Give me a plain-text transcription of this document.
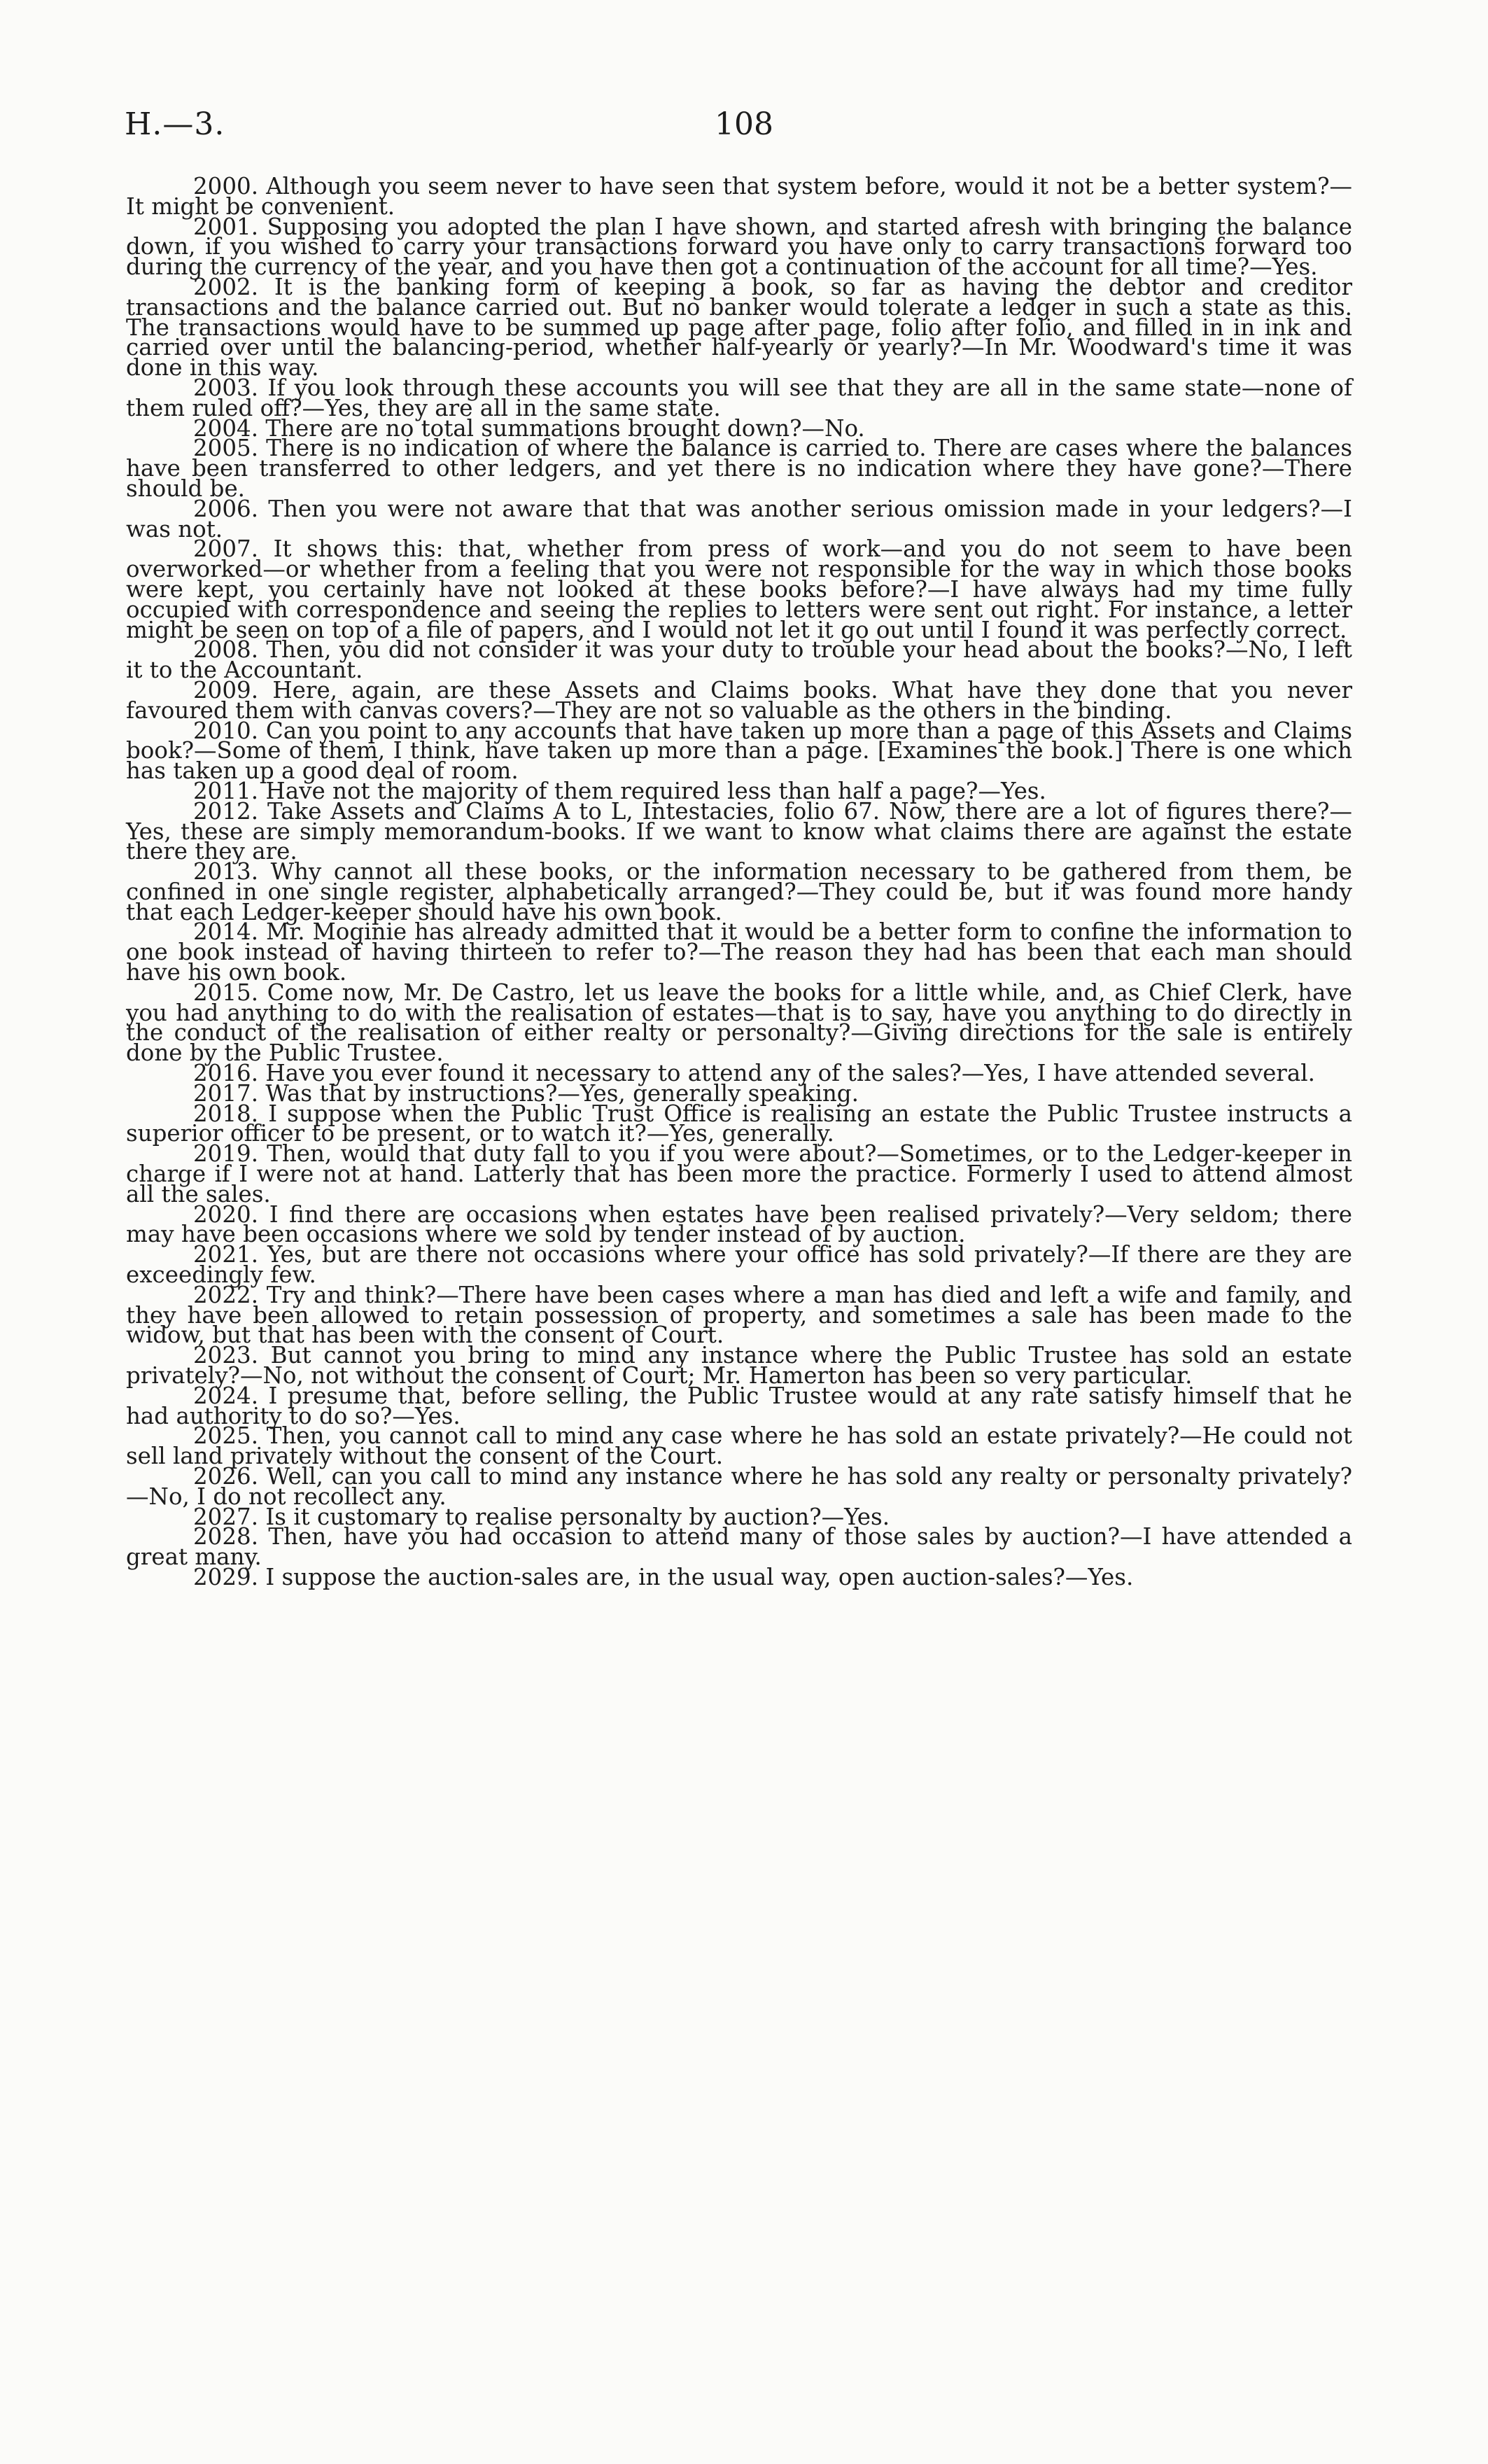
H.—3.	108

2000. Although you seem never to have seen that system before, would it not be a better system?—It might be convenient.

2001. Supposing you adopted the plan I have shown, and started afresh with bringing the balance down, if you wished to carry your transactions forward you have only to carry transactions forward too during the currency of the year, and you have then got a continuation of the account for all time?—Yes.

2002. It is the banking form of keeping a book, so far as having the debtor and creditor transactions and the balance carried out. But no banker would tolerate a ledger in such a state as this. The transactions would have to be summed up page after page, folio after folio, and filled in in ink and carried over until the balancing-period, whether half-yearly or yearly?—In Mr. Woodward's time it was done in this way.

2003. If you look through these accounts you will see that they are all in the same state—none of them ruled off?—Yes, they are all in the same state.

2004. There are no total summations brought down?—No.

2005. There is no indication of where the balance is carried to. There are cases where the balances have been transferred to other ledgers, and yet there is no indication where they have gone?—There should be.

2006. Then you were not aware that that was another serious omission made in your ledgers?—I was not.

2007. It shows this: that, whether from press of work—and you do not seem to have been overworked—or whether from a feeling that you were not responsible for the way in which those books were kept, you certainly have not looked at these books before?—I have always had my time fully occupied with correspondence and seeing the replies to letters were sent out right. For instance, a letter might be seen on top of a file of papers, and I would not let it go out until I found it was perfectly correct.

2008. Then, you did not consider it was your duty to trouble your head about the books?—No, I left it to the Accountant.

2009. Here, again, are these Assets and Claims books. What have they done that you never favoured them with canvas covers?—They are not so valuable as the others in the binding.

2010. Can you point to any accounts that have taken up more than a page of this Assets and Claims book?—Some of them, I think, have taken up more than a page. [Examines the book.] There is one which has taken up a good deal of room.

2011. Have not the majority of them required less than half a page?—Yes.

2012. Take Assets and Claims A to L, Intestacies, folio 67. Now, there are a lot of figures there?—Yes, these are simply memorandum-books. If we want to know what claims there are against the estate there they are.

2013. Why cannot all these books, or the information necessary to be gathered from them, be confined in one single register, alphabetically arranged?—They could be, but it was found more handy that each Ledger-keeper should have his own book.

2014. Mr. Moginie has already admitted that it would be a better form to confine the information to one book instead of having thirteen to refer to?—The reason they had has been that each man should have his own book.

2015. Come now, Mr. De Castro, let us leave the books for a little while, and, as Chief Clerk, have you had anything to do with the realisation of estates—that is to say, have you anything to do directly in the conduct of the realisation of either realty or personalty?—Giving directions for the sale is entirely done by the Public Trustee.

2016. Have you ever found it necessary to attend any of the sales?—Yes, I have attended several.

2017. Was that by instructions?—Yes, generally speaking.

2018. I suppose when the Public Trust Office is realising an estate the Public Trustee instructs a superior officer to be present, or to watch it?—Yes, generally.

2019. Then, would that duty fall to you if you were about?—Sometimes, or to the Ledger-keeper in charge if I were not at hand. Latterly that has been more the practice. Formerly I used to attend almost all the sales.

2020. I find there are occasions when estates have been realised privately?—Very seldom; there may have been occasions where we sold by tender instead of by auction.

2021. Yes, but are there not occasions where your office has sold privately?—If there are they are exceedingly few.

2022. Try and think?—There have been cases where a man has died and left a wife and family, and they have been allowed to retain possession of property, and sometimes a sale has been made to the widow, but that has been with the consent of Court.

2023. But cannot you bring to mind any instance where the Public Trustee has sold an estate privately?—No, not without the consent of Court; Mr. Hamerton has been so very particular.

2024. I presume that, before selling, the Public Trustee would at any rate satisfy himself that he had authority to do so?—Yes.

2025. Then, you cannot call to mind any case where he has sold an estate privately?—He could not sell land privately without the consent of the Court.

2026. Well, can you call to mind any instance where he has sold any realty or personalty privately?—No, I do not recollect any.

2027. Is it customary to realise personalty by auction?—Yes.

2028. Then, have you had occasion to attend many of those sales by auction?—I have attended a great many.

2029. I suppose the auction-sales are, in the usual way, open auction-sales?—Yes.
